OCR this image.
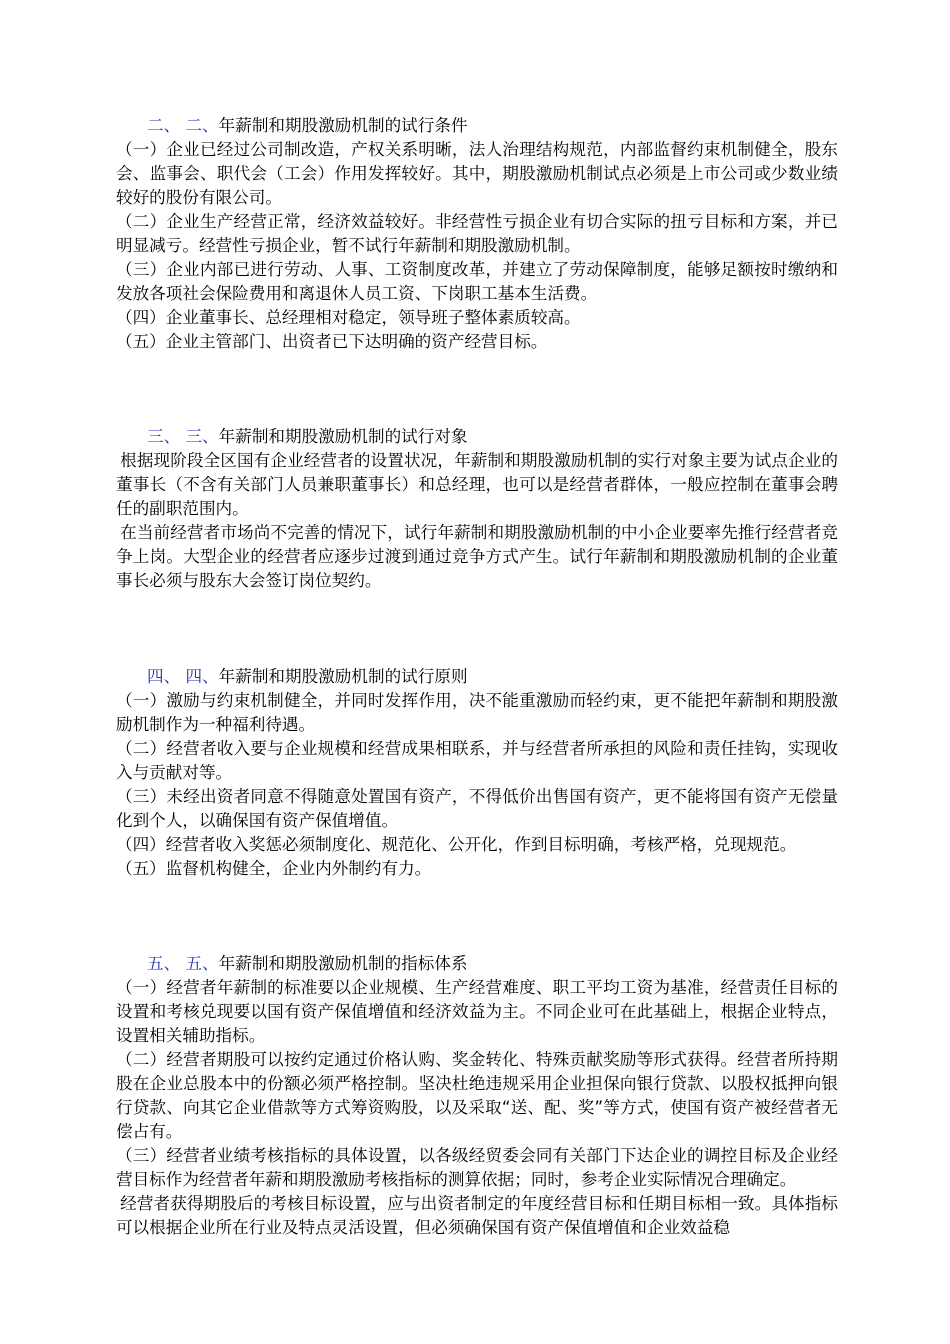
二、 二、年薪制和期股激励机制的试行条件

（一）企业已经过公司制改造，产权关系明晰，法人治理结构规范，内部监督约束机制健全，股东会、监事会、职代会（工会）作用发挥较好。其中，期股激励机制试点必须是上市公司或少数业绩较好的股份有限公司。

（二）企业生产经营正常，经济效益较好。非经营性亏损企业有切合实际的扭亏目标和方案，并已明显减亏。经营性亏损企业，暂不试行年薪制和期股激励机制。

（三）企业内部已进行劳动、人事、工资制度改革，并建立了劳动保障制度，能够足额按时缴纳和发放各项社会保险费用和离退休人员工资、下岗职工基本生活费。

（四）企业董事长、总经理相对稳定，领导班子整体素质较高。

（五）企业主管部门、出资者已下达明确的资产经营目标。

三、 三、年薪制和期股激励机制的试行对象

根据现阶段全区国有企业经营者的设置状况，年薪制和期股激励机制的实行对象主要为试点企业的董事长（不含有关部门人员兼职董事长）和总经理，也可以是经营者群体，一般应控制在董事会聘任的副职范围内。

在当前经营者市场尚不完善的情况下，试行年薪制和期股激励机制的中小企业要率先推行经营者竞争上岗。大型企业的经营者应逐步过渡到通过竞争方式产生。试行年薪制和期股激励机制的企业董事长必须与股东大会签订岗位契约。

四、 四、年薪制和期股激励机制的试行原则

（一）激励与约束机制健全，并同时发挥作用，决不能重激励而轻约束，更不能把年薪制和期股激励机制作为一种福利待遇。

（二）经营者收入要与企业规模和经营成果相联系，并与经营者所承担的风险和责任挂钩，实现收入与贡献对等。

（三）未经出资者同意不得随意处置国有资产，不得低价出售国有资产，更不能将国有资产无偿量化到个人，以确保国有资产保值增值。

（四）经营者收入奖惩必须制度化、规范化、公开化，作到目标明确，考核严格，兑现规范。

（五）监督机构健全，企业内外制约有力。

五、 五、年薪制和期股激励机制的指标体系

（一）经营者年薪制的标准要以企业规模、生产经营难度、职工平均工资为基准，经营责任目标的设置和考核兑现要以国有资产保值增值和经济效益为主。不同企业可在此基础上，根据企业特点，设置相关辅助指标。

（二）经营者期股可以按约定通过价格认购、奖金转化、特殊贡献奖励等形式获得。经营者所持期股在企业总股本中的份额必须严格控制。坚决杜绝违规采用企业担保向银行贷款、以股权抵押向银行贷款、向其它企业借款等方式筹资购股，以及采取“送、配、奖”等方式，使国有资产被经营者无偿占有。

（三）经营者业绩考核指标的具体设置，以各级经贸委会同有关部门下达企业的调控目标及企业经营目标作为经营者年薪和期股激励考核指标的测算依据；同时，参考企业实际情况合理确定。

经营者获得期股后的考核目标设置，应与出资者制定的年度经营目标和任期目标相一致。具体指标可以根据企业所在行业及特点灵活设置，但必须确保国有资产保值增值和企业效益稳
